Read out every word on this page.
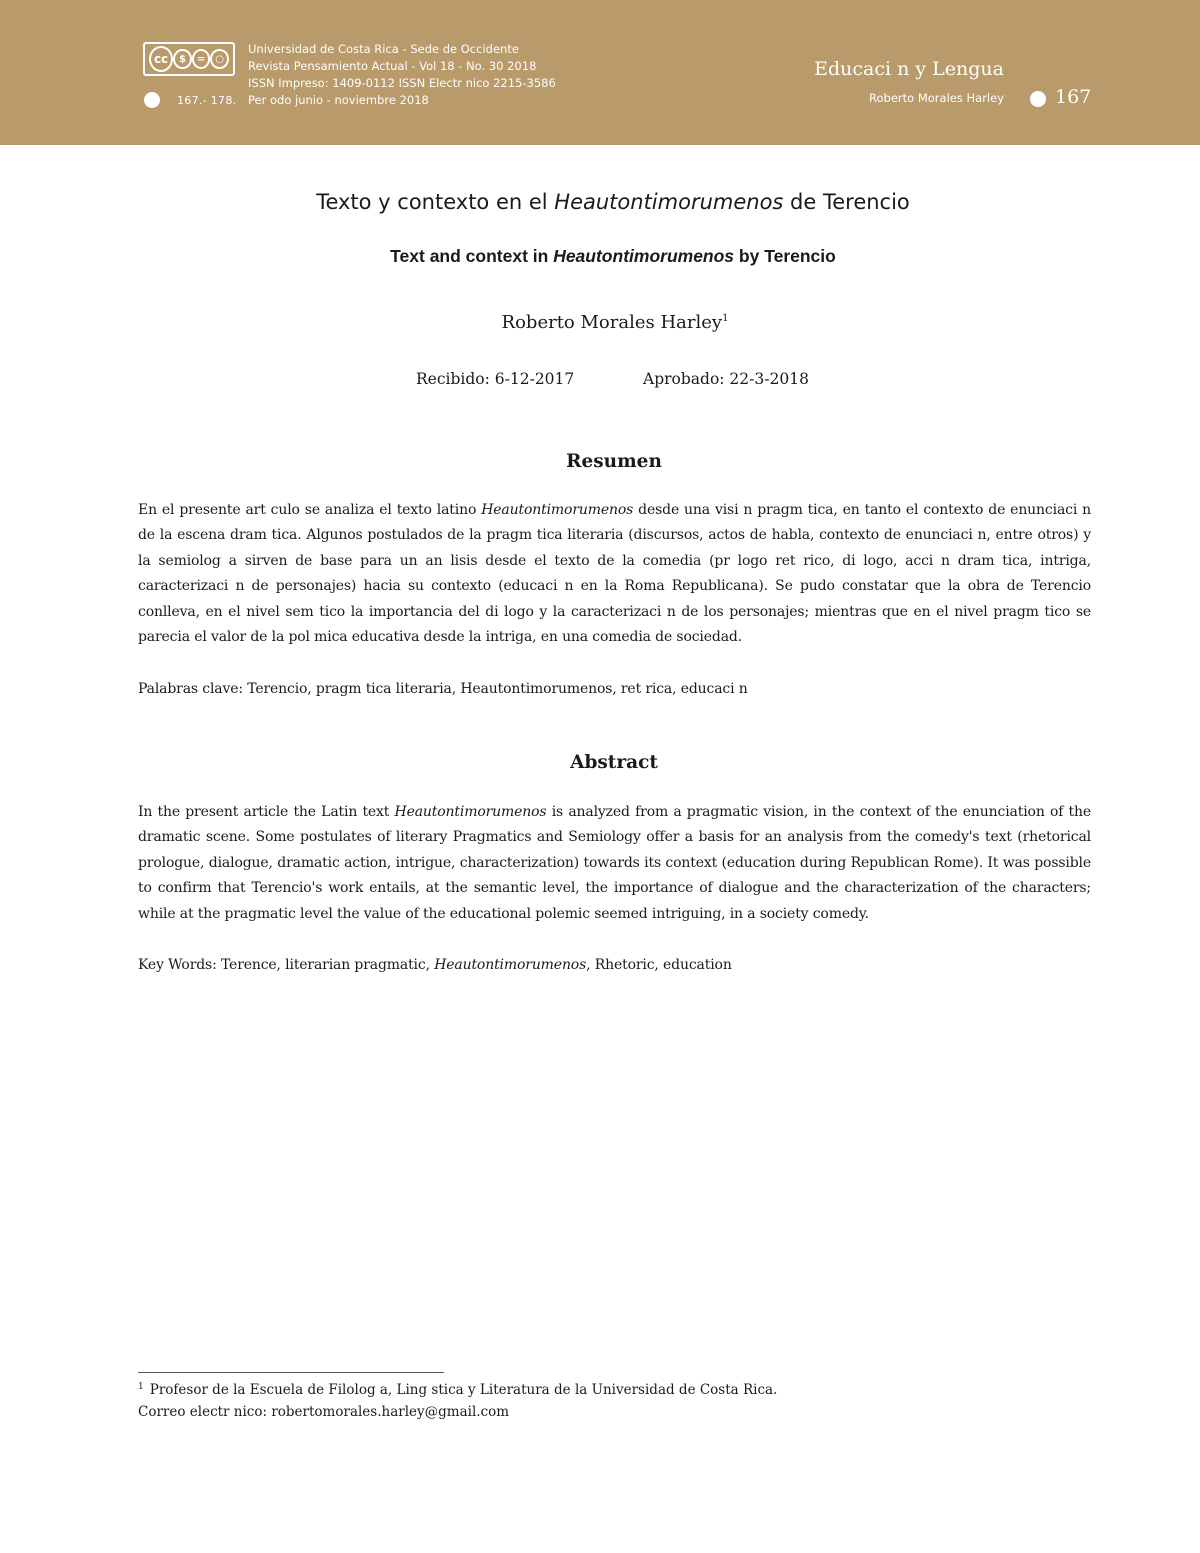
cc	$	=	○
167.- 178.
Universidad de Costa Rica - Sede de Occidente
Revista Pensamiento Actual - Vol 18 - No. 30 2018
ISSN Impreso: 1409-0112 ISSN Electr nico 2215-3586
Per odo junio - noviembre 2018
Educaci n y Lengua
Roberto Morales Harley	167
Texto y contexto en el Heautontimorumenos de Terencio
Text and context in Heautontimorumenos by Terencio
Roberto Morales Harley$^1$
Recibido: 6-12-2017	Aprobado: 22-3-2018
Resumen
En el presente art culo se analiza el texto latino Heautontimorumenos desde una visi n pragm tica, en tanto el contexto de enunciaci n de la escena dram tica. Algunos postulados de la pragm tica literaria (discursos, actos de habla, contexto de enunciaci n, entre otros) y la semiolog a sirven de base para un an lisis desde el texto de la comedia (pr logo ret rico, di logo, acci n dram tica, intriga, caracterizaci n de personajes) hacia su contexto (educaci n en la Roma Republicana). Se pudo constatar que la obra de Terencio conlleva, en el nivel sem tico la importancia del di logo y la caracterizaci n de los personajes; mientras que en el nivel pragm tico se parecia el valor de la pol mica educativa desde la intriga, en una comedia de sociedad.
Palabras clave: Terencio, pragm tica literaria, Heautontimorumenos, ret rica, educaci n
Abstract
In the present article the Latin text Heautontimorumenos is analyzed from a pragmatic vision, in the context of the enunciation of the dramatic scene. Some postulates of literary Pragmatics and Semiology offer a basis for an analysis from the comedy's text (rhetorical prologue, dialogue, dramatic action, intrigue, characterization) towards its context (education during Republican Rome). It was possible to confirm that Terencio's work entails, at the semantic level, the importance of dialogue and the characterization of the characters; while at the pragmatic level the value of the educational polemic seemed intriguing, in a society comedy.
Key Words: Terence, literarian pragmatic, Heautontimorumenos, Rhetoric, education
$^1$ Profesor de la Escuela de Filolog a, Ling stica y Literatura de la Universidad de Costa Rica.
Correo electr nico: robertomorales.harley@gmail.com
